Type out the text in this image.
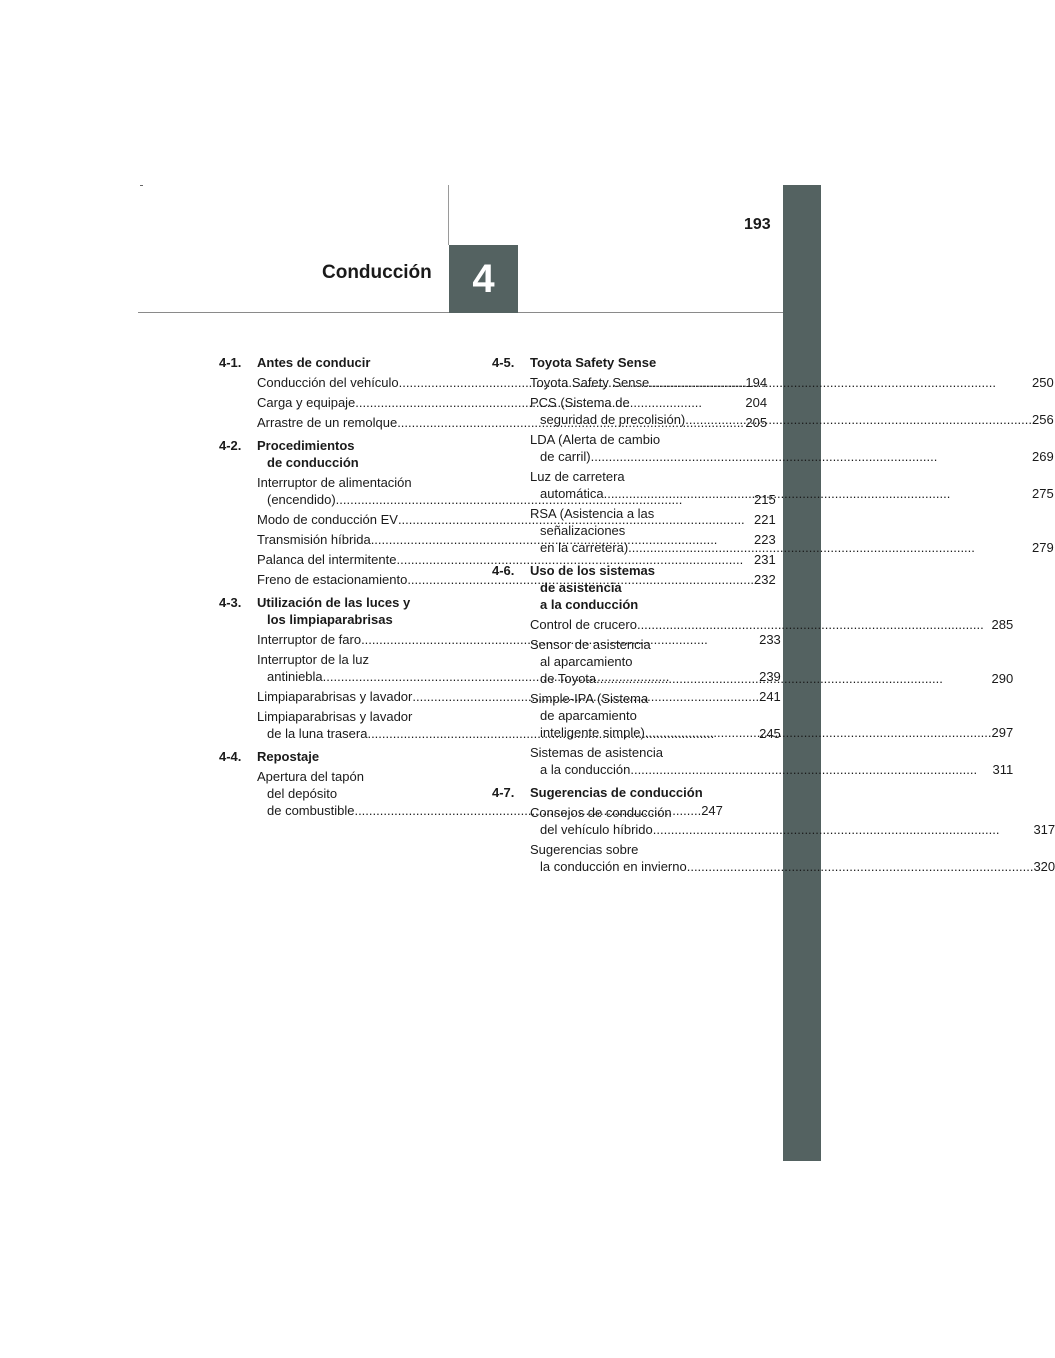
193
Conducción 4
4-1.	Antes de conducir
Conducción del vehículo .....	194
Carga y equipaje .....	204
Arrastre de un remolque .....	205
4-2.	Procedimientos
de conducción
Interruptor de alimentación
(encendido) .....	215
Modo de conducción EV .....	221
Transmisión híbrida .....	223
Palanca del intermitente .....	231
Freno de estacionamiento .....	232
4-3.	Utilización de las luces y
los limpiaparabrisas
Interruptor de faro .....	233
Interruptor de la luz
antiniebla .....	239
Limpiaparabrisas y lavador .....	241
Limpiaparabrisas y lavador
de la luna trasera .....	245
4-4.	Repostaje
Apertura del tapón
del depósito
de combustible .....	247
4-5.	Toyota Safety Sense
Toyota Safety Sense .....	250
PCS (Sistema de
seguridad de precolisión) .....	256
LDA (Alerta de cambio
de carril) .....	269
Luz de carretera
automática .....	275
RSA (Asistencia a las
señalizaciones
en la carretera) .....	279
4-6.	Uso de los sistemas
de asistencia
a la conducción
Control de crucero .....	285
Sensor de asistencia
al aparcamiento
de Toyota .....	290
Simple-IPA (Sistema
de aparcamiento
inteligente simple) .....	297
Sistemas de asistencia
a la conducción .....	311
4-7.	Sugerencias de conducción
Consejos de conducción
del vehículo híbrido .....	317
Sugerencias sobre
la conducción en invierno .....	320
